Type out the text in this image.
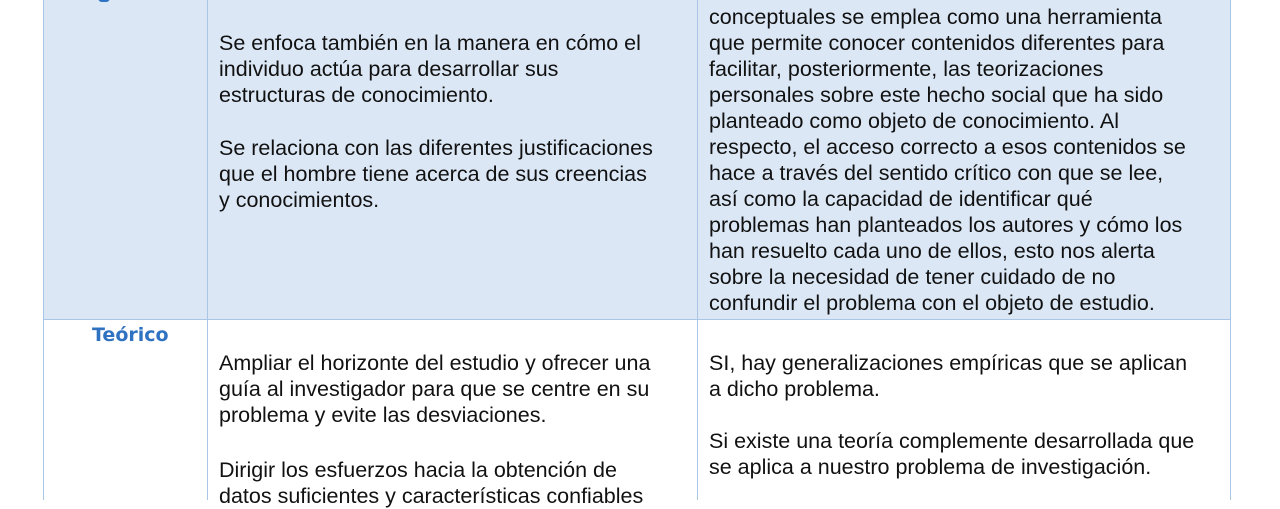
Se enfoca también en la manera en cómo el
individuo actúa para desarrollar sus
estructuras de conocimiento.

Se relaciona con las diferentes justificaciones
que el hombre tiene acerca de sus creencias
y conocimientos.

conceptuales se emplea como una herramienta
que permite conocer contenidos diferentes para
facilitar, posteriormente, las teorizaciones
personales sobre este hecho social que ha sido
planteado como objeto de conocimiento. Al
respecto, el acceso correcto a esos contenidos se
hace a través del sentido crítico con que se lee,
así como la capacidad de identificar qué
problemas han planteados los autores y cómo los
han resuelto cada uno de ellos, esto nos alerta
sobre la necesidad de tener cuidado de no
confundir el problema con el objeto de estudio.

Teórico

Ampliar el horizonte del estudio y ofrecer una
guía al investigador para que se centre en su
problema y evite las desviaciones.

Dirigir los esfuerzos hacia la obtención de
datos suficientes y características confiables

SI, hay generalizaciones empíricas que se aplican
a dicho problema.

Si existe una teoría complemente desarrollada que
se aplica a nuestro problema de investigación.
